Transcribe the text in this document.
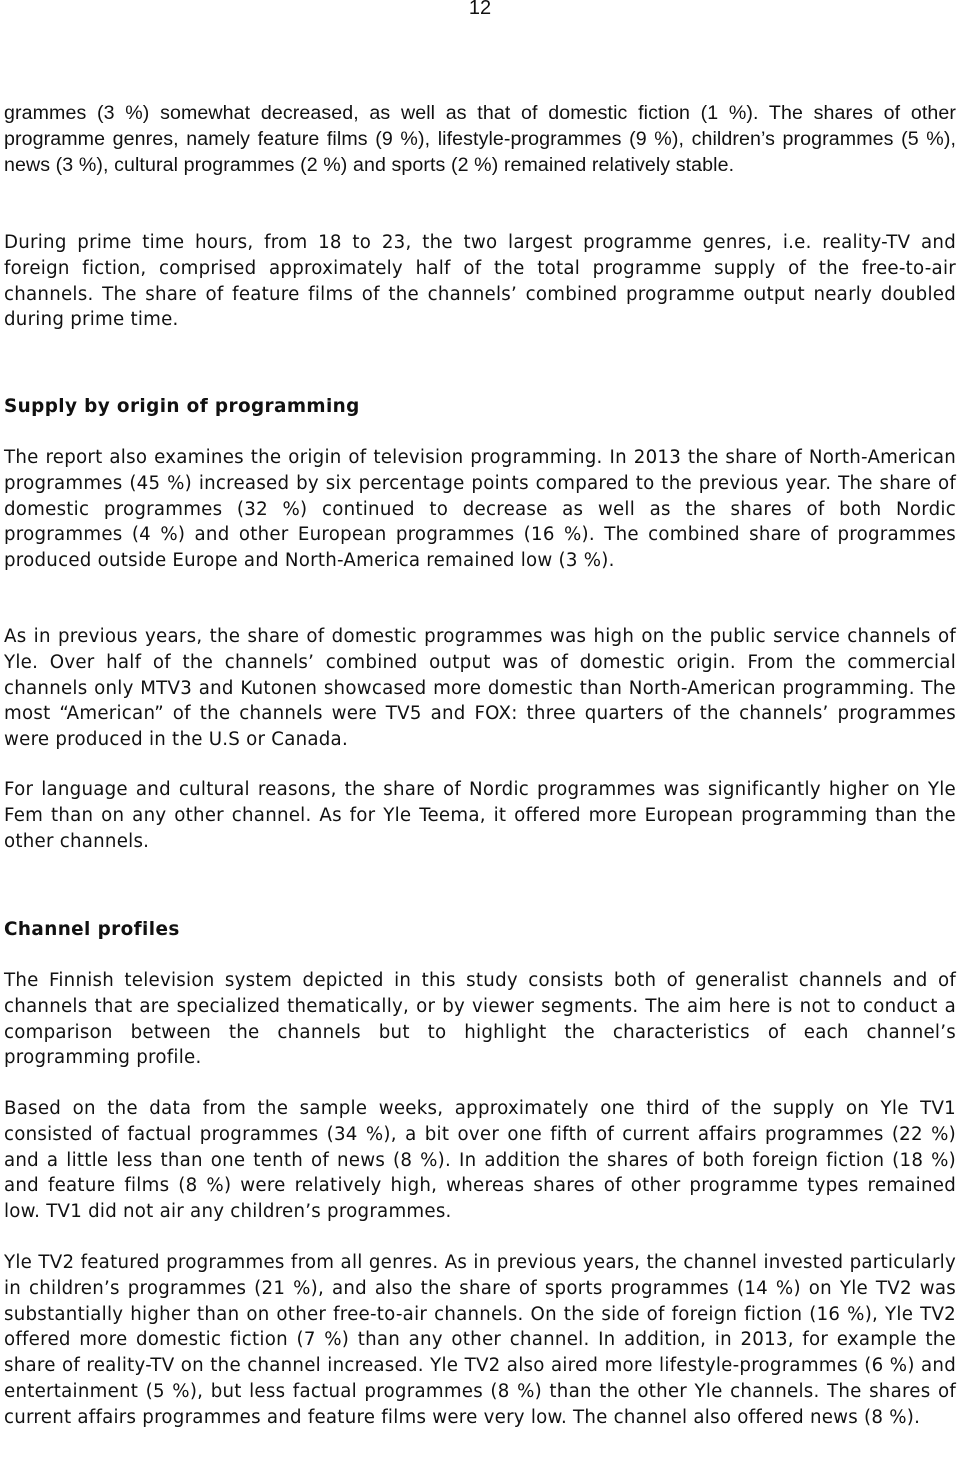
12

grammes (3 %) somewhat decreased, as well as that of domestic fiction (1 %). The shares of other programme genres, namely feature films (9 %), lifestyle-programmes (9 %), children’s programmes (5 %), news (3 %), cultural programmes (2 %) and sports (2 %) remained relatively stable.

During prime time hours, from 18 to 23, the two largest programme genres, i.e. reality-TV and foreign fiction, comprised approximately half of the total programme supply of the free-to-air channels. The share of feature films of the channels’ combined programme output nearly doubled during prime time.

Supply by origin of programming

The report also examines the origin of television programming. In 2013 the share of North-American programmes (45 %) increased by six percentage points compared to the previous year. The share of domestic programmes (32 %) continued to decrease as well as the shares of both Nordic programmes (4 %) and other European programmes (16 %). The combined share of programmes produced outside Europe and North-America remained low (3 %).

As in previous years, the share of domestic programmes was high on the public service channels of Yle. Over half of the channels’ combined output was of domestic origin. From the commercial channels only MTV3 and Kutonen showcased more domestic than North-American programming. The most “American” of the channels were TV5 and FOX: three quarters of the channels’ programmes were produced in the U.S or Canada.

For language and cultural reasons, the share of Nordic programmes was significantly higher on Yle Fem than on any other channel. As for Yle Teema, it offered more European programming than the other channels.

Channel profiles

The Finnish television system depicted in this study consists both of generalist channels and of channels that are specialized thematically, or by viewer segments. The aim here is not to conduct a comparison between the channels but to highlight the characteristics of each channel’s programming profile.

Based on the data from the sample weeks, approximately one third of the supply on Yle TV1 consisted of factual programmes (34 %), a bit over one fifth of current affairs programmes (22 %) and a little less than one tenth of news (8 %). In addition the shares of both foreign fiction (18 %) and feature films (8 %) were relatively high, whereas shares of other programme types remained low. TV1 did not air any children’s programmes.

Yle TV2 featured programmes from all genres. As in previous years, the channel invested particularly in children’s programmes (21 %), and also the share of sports programmes (14 %) on Yle TV2 was substantially higher than on other free-to-air channels. On the side of foreign fiction (16 %), Yle TV2 offered more domestic fiction (7 %) than any other channel. In addition, in 2013, for example the share of reality-TV on the channel increased. Yle TV2 also aired more lifestyle-programmes (6 %) and entertainment (5 %), but less factual programmes (8 %) than the other Yle channels. The shares of current affairs programmes and feature films were very low. The channel also offered news (8 %).
